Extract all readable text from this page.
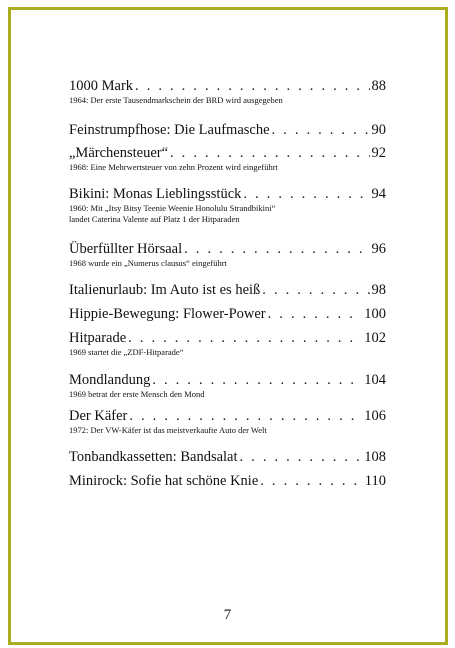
1000 Mark . . .	88
1964: Der erste Tausendmarkschein der BRD wird ausgegeben
Feinstrumpfhose: Die Laufmasche . . .	90
„Märchensteuer“ . . .	92
1968: Eine Mehrwertsteuer von zehn Prozent wird eingeführt
Bikini: Monas Lieblingsstück . . .	94
1960: Mit „Itsy Bitsy Teenie Weenie Honolulu Strandbikini“
landet Caterina Valente auf Platz 1 der Hitparaden
Überfüllter Hörsaal . . .	96
1968 wurde ein „Numerus clausus“ eingeführt
Italienurlaub: Im Auto ist es heiß . . .	98
Hippie-Bewegung: Flower-Power . . .	100
Hitparade . . .	102
1969 startet die „ZDF-Hitparade“
Mondlandung . . .	104
1969 betrat der erste Mensch den Mond
Der Käfer . . .	106
1972: Der VW-Käfer ist das meistverkaufte Auto der Welt
Tonbandkassetten: Bandsalat . . .	108
Minirock: Sofie hat schöne Knie . . .	110
7
